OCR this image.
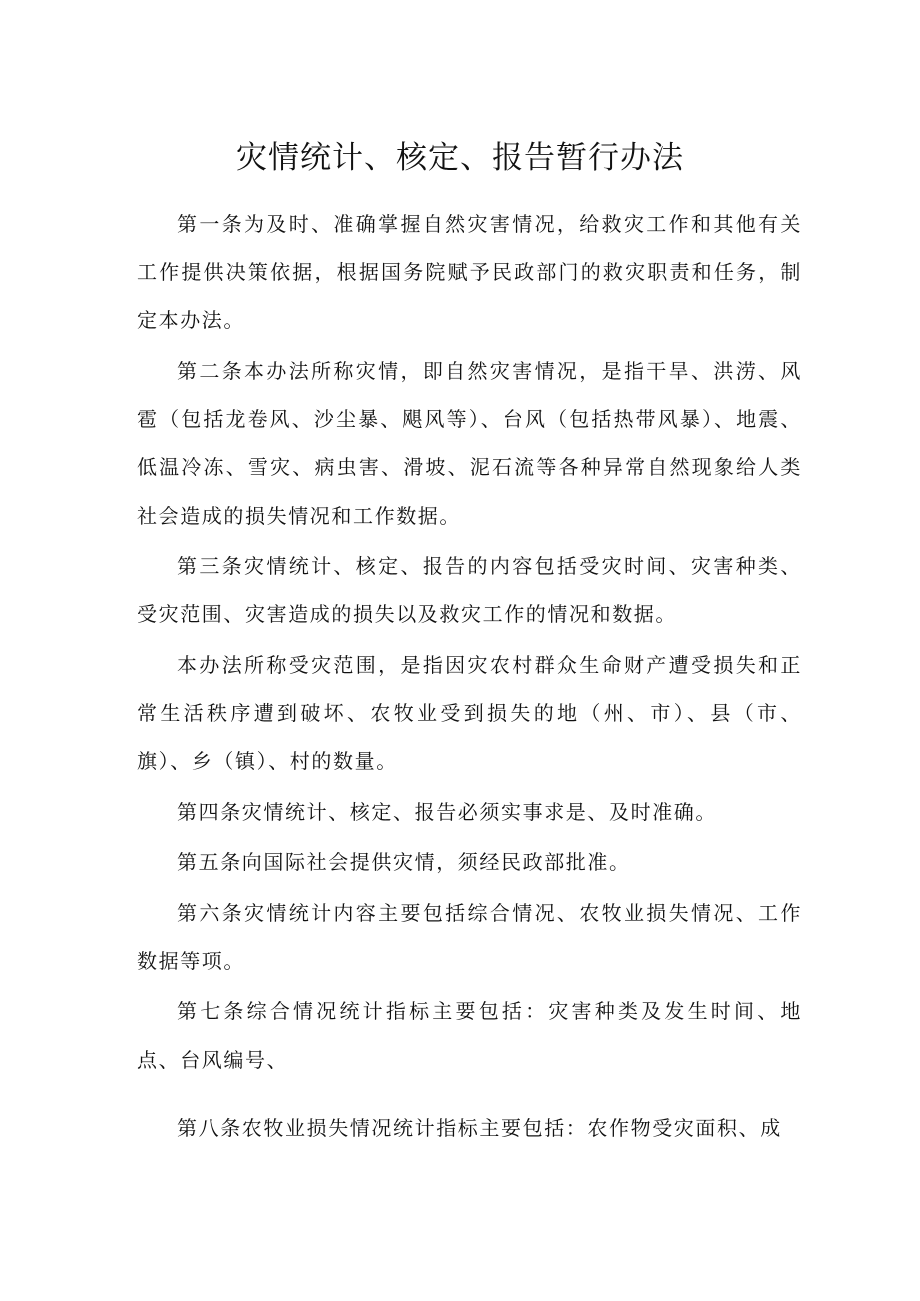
灾情统计、核定、报告暂行办法

第一条为及时、准确掌握自然灾害情况，给救灾工作和其他有关工作提供决策依据，根据国务院赋予民政部门的救灾职责和任务，制定本办法。

第二条本办法所称灾情，即自然灾害情况，是指干旱、洪涝、风雹（包括龙卷风、沙尘暴、飓风等）、台风（包括热带风暴）、地震、低温冷冻、雪灾、病虫害、滑坡、泥石流等各种异常自然现象给人类社会造成的损失情况和工作数据。

第三条灾情统计、核定、报告的内容包括受灾时间、灾害种类、受灾范围、灾害造成的损失以及救灾工作的情况和数据。

本办法所称受灾范围，是指因灾农村群众生命财产遭受损失和正常生活秩序遭到破坏、农牧业受到损失的地（州、市）、县（市、旗）、乡（镇）、村的数量。

第四条灾情统计、核定、报告必须实事求是、及时准确。

第五条向国际社会提供灾情，须经民政部批准。

第六条灾情统计内容主要包括综合情况、农牧业损失情况、工作数据等项。

第七条综合情况统计指标主要包括：灾害种类及发生时间、地点、台风编号、

第八条农牧业损失情况统计指标主要包括：农作物受灾面积、成
